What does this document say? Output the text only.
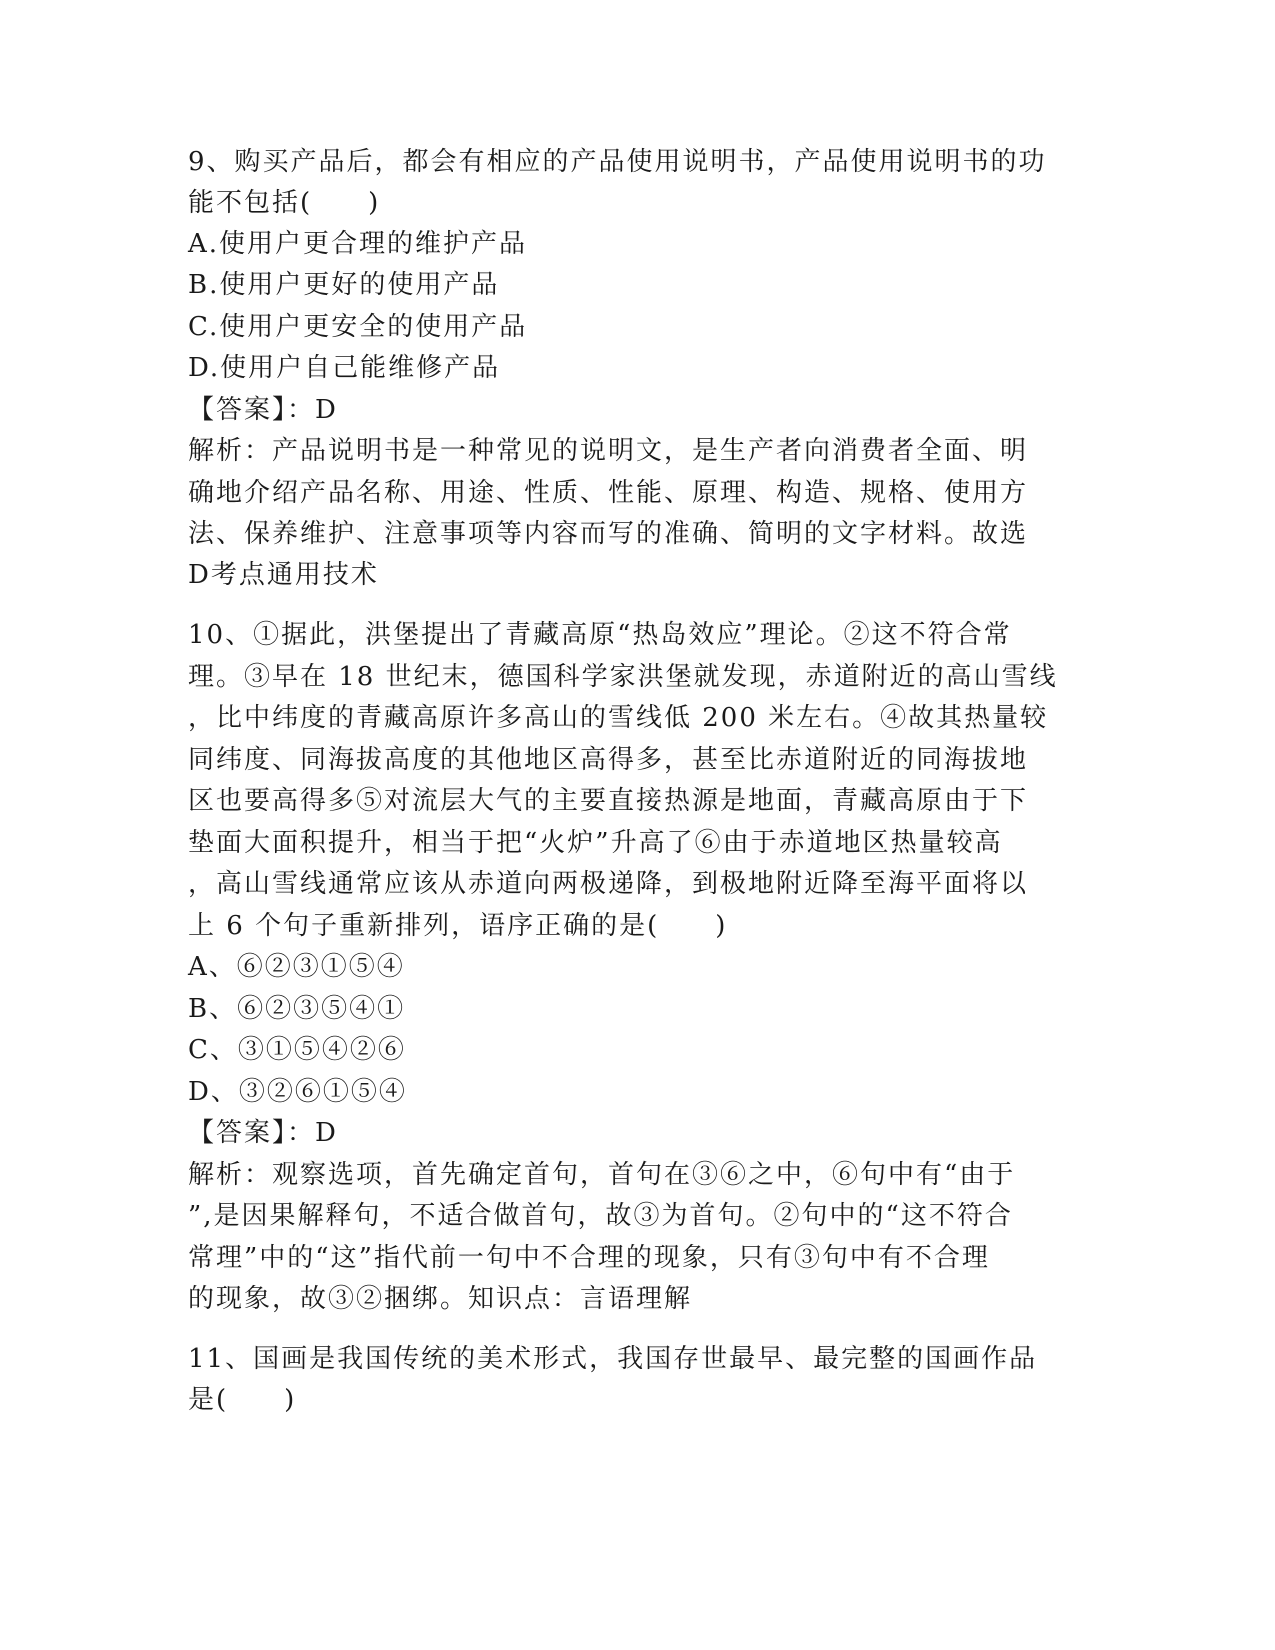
9、购买产品后，都会有相应的产品使用说明书，产品使用说明书的功
能不包括(　　)
A.使用户更合理的维护产品
B.使用户更好的使用产品
C.使用户更安全的使用产品
D.使用户自己能维修产品
【答案】：D
解析：产品说明书是一种常见的说明文，是生产者向消费者全面、明
确地介绍产品名称、用途、性质、性能、原理、构造、规格、使用方
法、保养维护、注意事项等内容而写的准确、简明的文字材料。故选
D考点通用技术
10、①据此，洪堡提出了青藏高原“热岛效应”理论。②这不符合常
理。③早在 18 世纪末，德国科学家洪堡就发现，赤道附近的高山雪线
，比中纬度的青藏高原许多高山的雪线低 200 米左右。④故其热量较
同纬度、同海拔高度的其他地区高得多，甚至比赤道附近的同海拔地
区也要高得多⑤对流层大气的主要直接热源是地面，青藏高原由于下
垫面大面积提升，相当于把“火炉”升高了⑥由于赤道地区热量较高
，高山雪线通常应该从赤道向两极递降，到极地附近降至海平面将以
上 6 个句子重新排列，语序正确的是(　　)
A、⑥②③①⑤④
B、⑥②③⑤④①
C、③①⑤④②⑥
D、③②⑥①⑤④
【答案】：D
解析：观察选项，首先确定首句，首句在③⑥之中，⑥句中有“由于
”,是因果解释句，不适合做首句，故③为首句。②句中的“这不符合
常理”中的“这”指代前一句中不合理的现象，只有③句中有不合理
的现象，故③②捆绑。知识点：言语理解
11、国画是我国传统的美术形式，我国存世最早、最完整的国画作品
是(　　)
